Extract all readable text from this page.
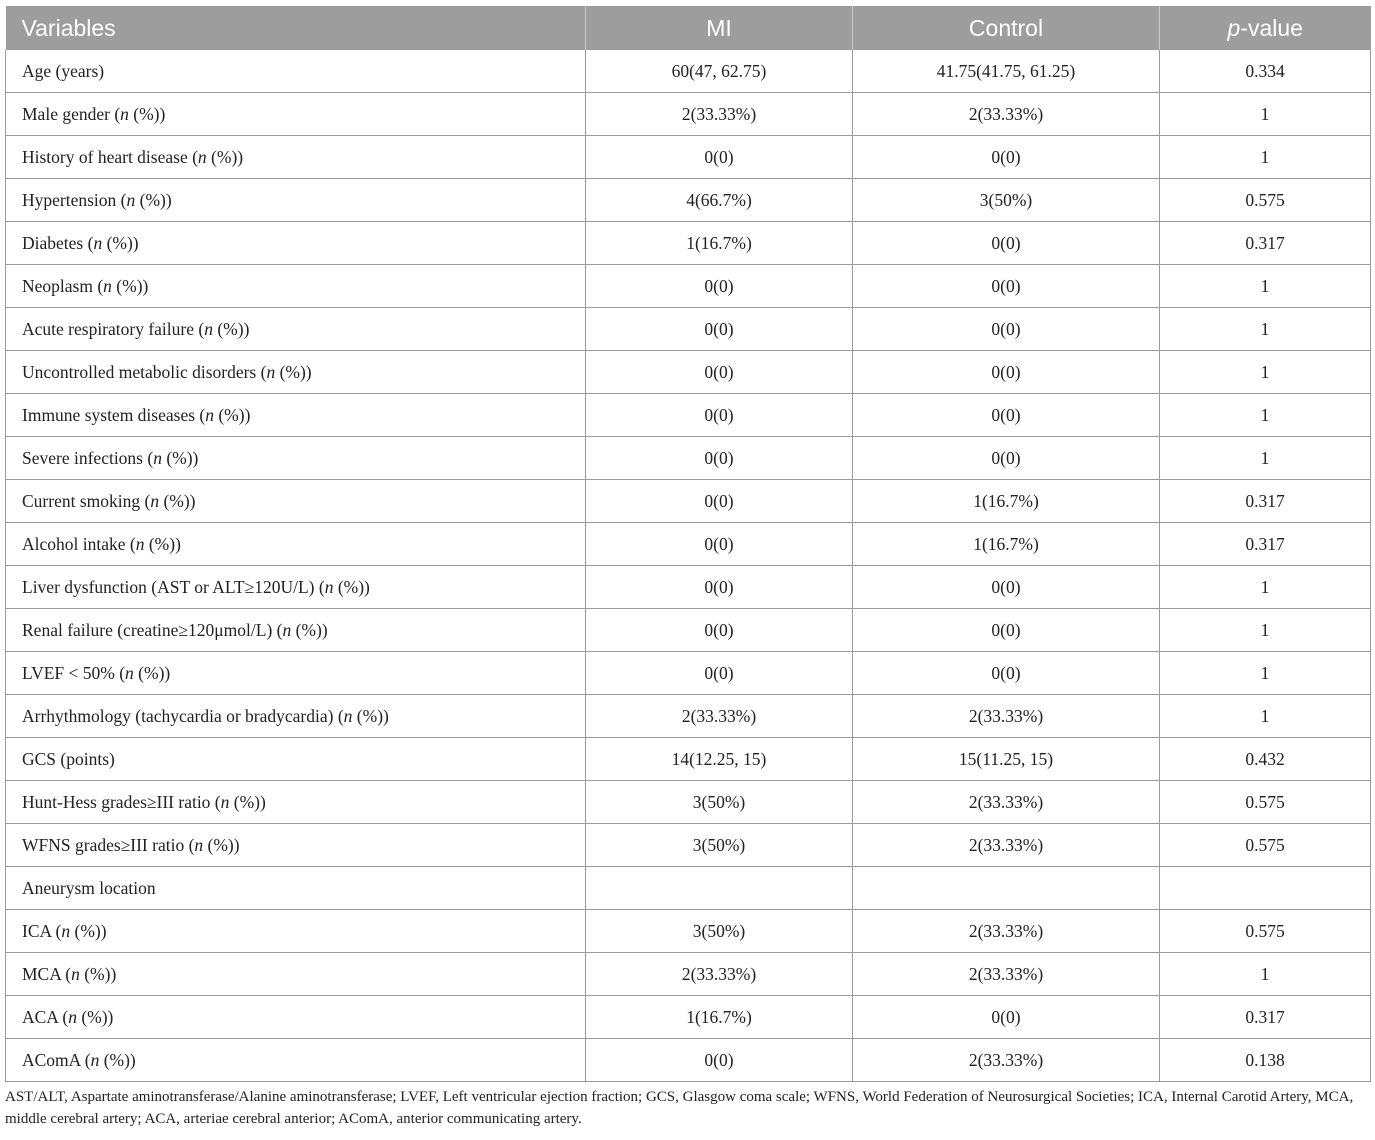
Variables	MI	Control	p-value
Age (years)	60(47, 62.75)	41.75(41.75, 61.25)	0.334
Male gender (n (%))	2(33.33%)	2(33.33%)	1
History of heart disease (n (%))	0(0)	0(0)	1
Hypertension (n (%))	4(66.7%)	3(50%)	0.575
Diabetes (n (%))	1(16.7%)	0(0)	0.317
Neoplasm (n (%))	0(0)	0(0)	1
Acute respiratory failure (n (%))	0(0)	0(0)	1
Uncontrolled metabolic disorders (n (%))	0(0)	0(0)	1
Immune system diseases (n (%))	0(0)	0(0)	1
Severe infections (n (%))	0(0)	0(0)	1
Current smoking (n (%))	0(0)	1(16.7%)	0.317
Alcohol intake (n (%))	0(0)	1(16.7%)	0.317
Liver dysfunction (AST or ALT≥120U/L) (n (%))	0(0)	0(0)	1
Renal failure (creatine≥120μmol/L) (n (%))	0(0)	0(0)	1
LVEF < 50% (n (%))	0(0)	0(0)	1
Arrhythmology (tachycardia or bradycardia) (n (%))	2(33.33%)	2(33.33%)	1
GCS (points)	14(12.25, 15)	15(11.25, 15)	0.432
Hunt-Hess grades≥III ratio (n (%))	3(50%)	2(33.33%)	0.575
WFNS grades≥III ratio (n (%))	3(50%)	2(33.33%)	0.575
Aneurysm location			
ICA (n (%))	3(50%)	2(33.33%)	0.575
MCA (n (%))	2(33.33%)	2(33.33%)	1
ACA (n (%))	1(16.7%)	0(0)	0.317
AComA (n (%))	0(0)	2(33.33%)	0.138
AST/ALT, Aspartate aminotransferase/Alanine aminotransferase; LVEF, Left ventricular ejection fraction; GCS, Glasgow coma scale; WFNS, World Federation of Neurosurgical Societies; ICA, Internal Carotid Artery, MCA, middle cerebral artery; ACA, arteriae cerebral anterior; AComA, anterior communicating artery.
